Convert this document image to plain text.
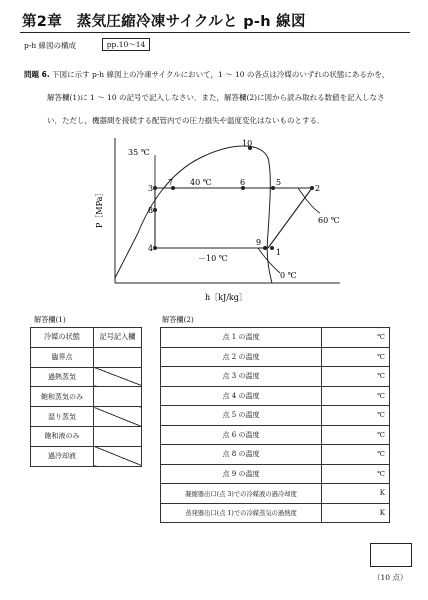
第2章　蒸気圧縮冷凍サイクルと p-h 線図
p-h 線図の構成	pp.10～14
問題 6. 下図に示す p-h 線図上の冷凍サイクルにおいて，1 ～ 10 の各点は冷媒のいずれの状態にあるかを，
解答欄(1)に 1 ～ 10 の記号で記入しなさい．また，解答欄(2)に図から読み取れる数値を記入しなさ
い．ただし，機器間を接続する配管内での圧力損失や温度変化はないものとする．
10
3
7	6	5
2
8
4
9
1
35 ℃
40 ℃
60 ℃
－10 ℃
0 ℃
P［MPa］
h［kJ/kg］
解答欄(1)
冷媒の状態	記号記入欄
臨界点	
過熱蒸気	
飽和蒸気のみ	
湿り蒸気	
飽和液のみ	
過冷却液	
解答欄(2)
点 1 の温度	℃
点 2 の温度	℃
点 3 の温度	℃
点 4 の温度	℃
点 5 の温度	℃
点 6 の温度	℃
点 8 の温度	℃
点 9 の温度	℃
凝縮器出口(点 3)での冷媒液の過冷却度	K
蒸発器出口(点 1)での冷媒蒸気の過熱度	K
（10 点）
